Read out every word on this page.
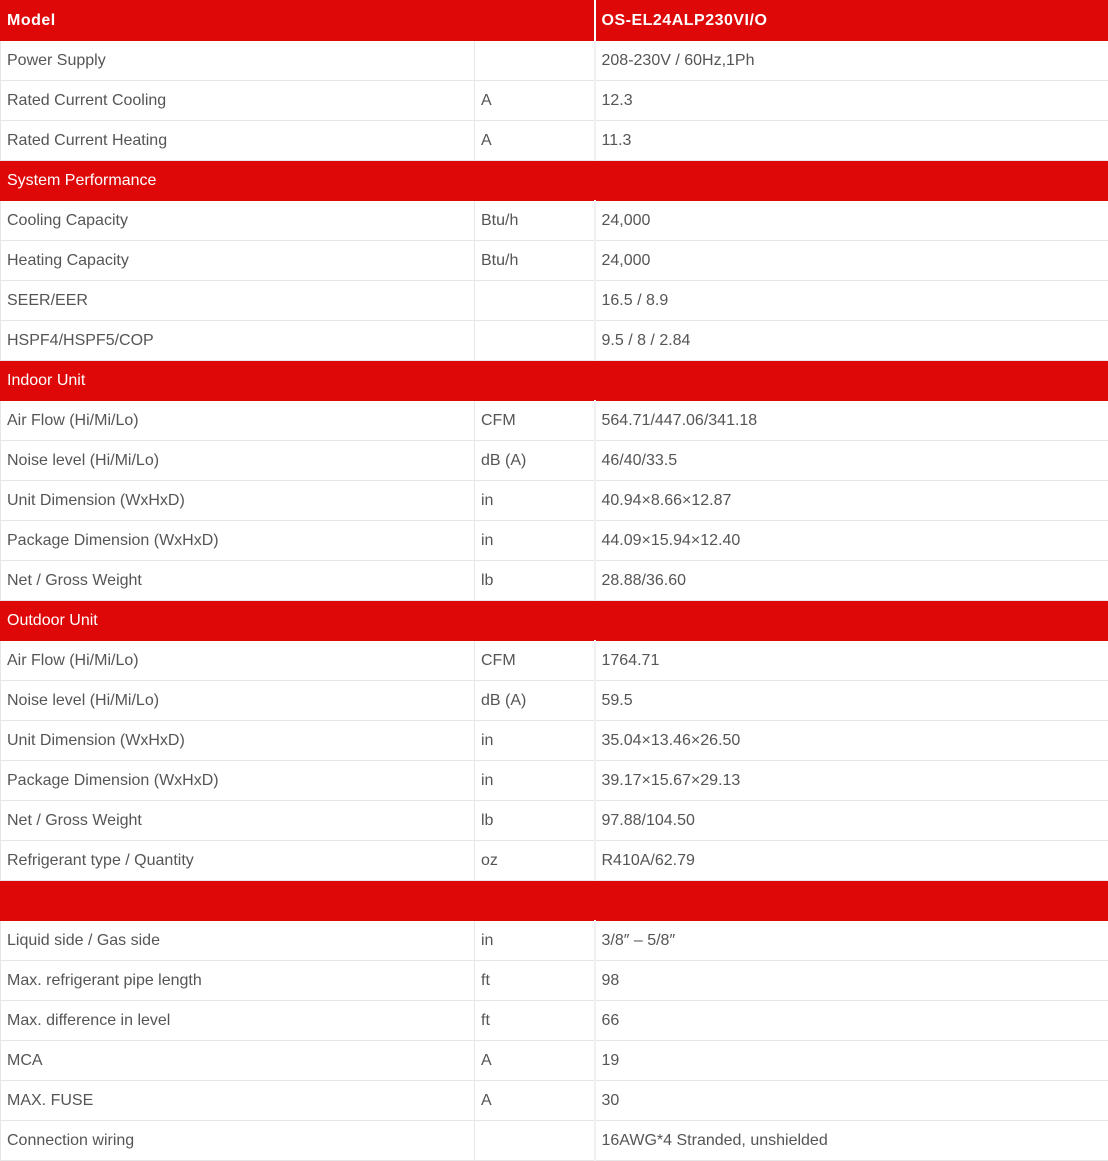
Model		OS-EL24ALP230VI/O
Power Supply		208-230V / 60Hz,1Ph
Rated Current Cooling	A	12.3
Rated Current Heating	A	11.3
System Performance		
Cooling Capacity	Btu/h	24,000
Heating Capacity	Btu/h	24,000
SEER/EER		16.5 / 8.9
HSPF4/HSPF5/COP		9.5 / 8 / 2.84
Indoor Unit		
Air Flow (Hi/Mi/Lo)	CFM	564.71/447.06/341.18
Noise level (Hi/Mi/Lo)	dB (A)	46/40/33.5
Unit Dimension (WxHxD)	in	40.94×8.66×12.87
Package Dimension (WxHxD)	in	44.09×15.94×12.40
Net / Gross Weight	lb	28.88/36.60
Outdoor Unit		
Air Flow (Hi/Mi/Lo)	CFM	1764.71
Noise level (Hi/Mi/Lo)	dB (A)	59.5
Unit Dimension (WxHxD)	in	35.04×13.46×26.50
Package Dimension (WxHxD)	in	39.17×15.67×29.13
Net / Gross Weight	lb	97.88/104.50
Refrigerant type / Quantity	oz	R410A/62.79

Liquid side / Gas side	in	3/8″ – 5/8″
Max. refrigerant pipe length	ft	98
Max. difference in level	ft	66
MCA	A	19
MAX. FUSE	A	30
Connection wiring		16AWG*4 Stranded, unshielded
